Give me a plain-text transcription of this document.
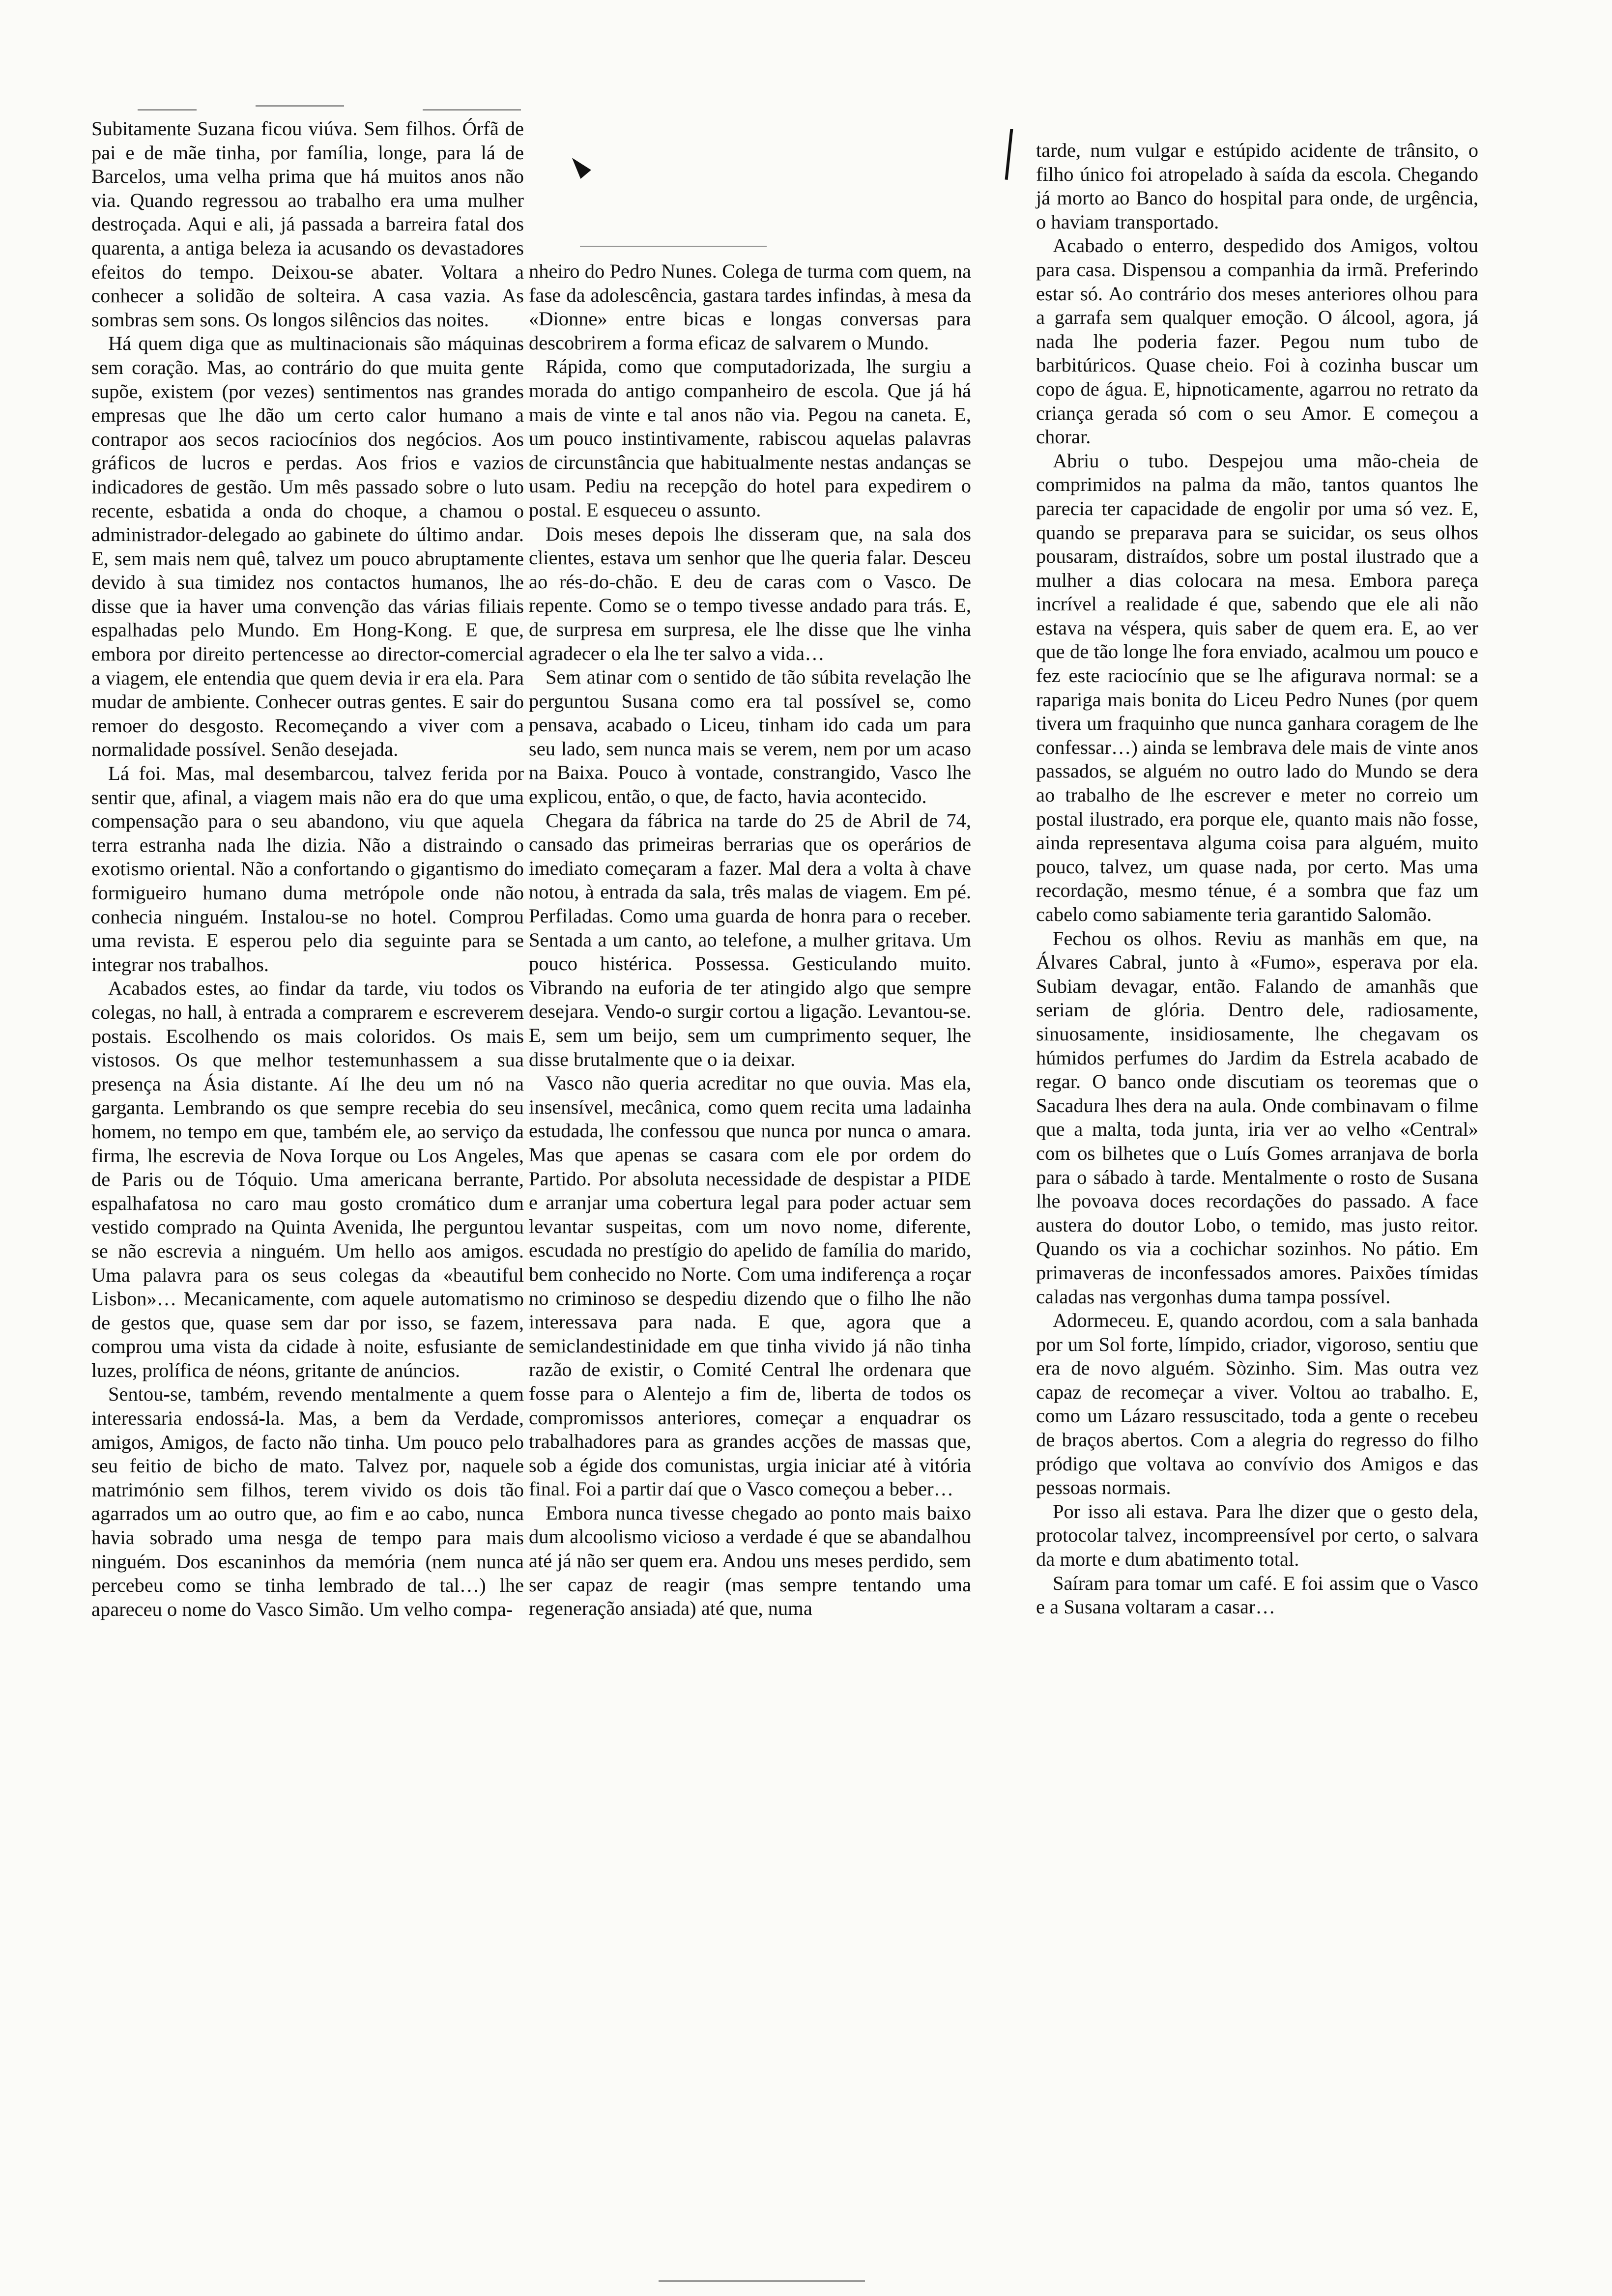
Subitamente Suzana ficou viúva. Sem filhos. Órfã de pai e de mãe tinha, por família, longe, para lá de Barcelos, uma velha prima que há muitos anos não via. Quando regressou ao trabalho era uma mulher destroçada. Aqui e ali, já passada a barreira fatal dos quarenta, a antiga beleza ia acusando os devastadores efeitos do tempo. Deixou-se abater. Voltara a conhecer a solidão de solteira. A casa vazia. As sombras sem sons. Os longos silêncios das noites.

Há quem diga que as multinacionais são máquinas sem coração. Mas, ao contrário do que muita gente supõe, existem (por vezes) sentimentos nas grandes empresas que lhe dão um certo calor humano a contrapor aos secos raciocínios dos negócios. Aos gráficos de lucros e perdas. Aos frios e vazios indicadores de gestão. Um mês passado sobre o luto recente, esbatida a onda do choque, a chamou o administrador-delegado ao gabinete do último andar. E, sem mais nem quê, talvez um pouco abruptamente devido à sua timidez nos contactos humanos, lhe disse que ia haver uma convenção das várias filiais espalhadas pelo Mundo. Em Hong-Kong. E que, embora por direito pertencesse ao director-comercial a viagem, ele entendia que quem devia ir era ela. Para mudar de ambiente. Conhecer outras gentes. E sair do remoer do desgosto. Recomeçando a viver com a normalidade possível. Senão desejada.

Lá foi. Mas, mal desembarcou, talvez ferida por sentir que, afinal, a viagem mais não era do que uma compensação para o seu abandono, viu que aquela terra estranha nada lhe dizia. Não a distraindo o exotismo oriental. Não a confortando o gigantismo do formigueiro humano duma metrópole onde não conhecia ninguém. Instalou-se no hotel. Comprou uma revista. E esperou pelo dia seguinte para se integrar nos trabalhos.

Acabados estes, ao findar da tarde, viu todos os colegas, no hall, à entrada a comprarem e escreverem postais. Escolhendo os mais coloridos. Os mais vistosos. Os que melhor testemunhassem a sua presença na Ásia distante. Aí lhe deu um nó na garganta. Lembrando os que sempre recebia do seu homem, no tempo em que, também ele, ao serviço da firma, lhe escrevia de Nova Iorque ou Los Angeles, de Paris ou de Tóquio. Uma americana berrante, espalhafatosa no caro mau gosto cromático dum vestido comprado na Quinta Avenida, lhe perguntou se não escrevia a ninguém. Um hello aos amigos. Uma palavra para os seus colegas da «beautiful Lisbon»… Mecanicamente, com aquele automatismo de gestos que, quase sem dar por isso, se fazem, comprou uma vista da cidade à noite, esfusiante de luzes, prolífica de néons, gritante de anúncios.

Sentou-se, também, revendo mentalmente a quem interessaria endossá-la. Mas, a bem da Verdade, amigos, Amigos, de facto não tinha. Um pouco pelo seu feitio de bicho de mato. Talvez por, naquele matrimónio sem filhos, terem vivido os dois tão agarrados um ao outro que, ao fim e ao cabo, nunca havia sobrado uma nesga de tempo para mais ninguém. Dos escaninhos da memória (nem nunca percebeu como se tinha lembrado de tal…) lhe apareceu o nome do Vasco Simão. Um velho compa-

nheiro do Pedro Nunes. Colega de turma com quem, na fase da adolescência, gastara tardes infindas, à mesa da «Dionne» entre bicas e longas conversas para descobrirem a forma eficaz de salvarem o Mundo.

Rápida, como que computadorizada, lhe surgiu a morada do antigo companheiro de escola. Que já há mais de vinte e tal anos não via. Pegou na caneta. E, um pouco instintivamente, rabiscou aquelas palavras de circunstância que habitualmente nestas andanças se usam. Pediu na recepção do hotel para expedirem o postal. E esqueceu o assunto.

Dois meses depois lhe disseram que, na sala dos clientes, estava um senhor que lhe queria falar. Desceu ao rés-do-chão. E deu de caras com o Vasco. De repente. Como se o tempo tivesse andado para trás. E, de surpresa em surpresa, ele lhe disse que lhe vinha agradecer o ela lhe ter salvo a vida…

Sem atinar com o sentido de tão súbita revelação lhe perguntou Susana como era tal possível se, como pensava, acabado o Liceu, tinham ido cada um para seu lado, sem nunca mais se verem, nem por um acaso na Baixa. Pouco à vontade, constrangido, Vasco lhe explicou, então, o que, de facto, havia acontecido.

Chegara da fábrica na tarde do 25 de Abril de 74, cansado das primeiras berrarias que os operários de imediato começaram a fazer. Mal dera a volta à chave notou, à entrada da sala, três malas de viagem. Em pé. Perfiladas. Como uma guarda de honra para o receber. Sentada a um canto, ao telefone, a mulher gritava. Um pouco histérica. Possessa. Gesticulando muito. Vibrando na euforia de ter atingido algo que sempre desejara. Vendo-o surgir cortou a ligação. Levantou-se. E, sem um beijo, sem um cumprimento sequer, lhe disse brutalmente que o ia deixar.

Vasco não queria acreditar no que ouvia. Mas ela, insensível, mecânica, como quem recita uma ladainha estudada, lhe confessou que nunca por nunca o amara. Mas que apenas se casara com ele por ordem do Partido. Por absoluta necessidade de despistar a PIDE e arranjar uma cobertura legal para poder actuar sem levantar suspeitas, com um novo nome, diferente, escudada no prestígio do apelido de família do marido, bem conhecido no Norte. Com uma indiferença a roçar no criminoso se despediu dizendo que o filho lhe não interessava para nada. E que, agora que a semiclandestinidade em que tinha vivido já não tinha razão de existir, o Comité Central lhe ordenara que fosse para o Alentejo a fim de, liberta de todos os compromissos anteriores, começar a enquadrar os trabalhadores para as grandes acções de massas que, sob a égide dos comunistas, urgia iniciar até à vitória final. Foi a partir daí que o Vasco começou a beber…

Embora nunca tivesse chegado ao ponto mais baixo dum alcoolismo vicioso a verdade é que se abandalhou até já não ser quem era. Andou uns meses perdido, sem ser capaz de reagir (mas sempre tentando uma regeneração ansiada) até que, numa

tarde, num vulgar e estúpido acidente de trânsito, o filho único foi atropelado à saída da escola. Chegando já morto ao Banco do hospital para onde, de urgência, o haviam transportado.

Acabado o enterro, despedido dos Amigos, voltou para casa. Dispensou a companhia da irmã. Preferindo estar só. Ao contrário dos meses anteriores olhou para a garrafa sem qualquer emoção. O álcool, agora, já nada lhe poderia fazer. Pegou num tubo de barbitúricos. Quase cheio. Foi à cozinha buscar um copo de água. E, hipnoticamente, agarrou no retrato da criança gerada só com o seu Amor. E começou a chorar.

Abriu o tubo. Despejou uma mão-cheia de comprimidos na palma da mão, tantos quantos lhe parecia ter capacidade de engolir por uma só vez. E, quando se preparava para se suicidar, os seus olhos pousaram, distraídos, sobre um postal ilustrado que a mulher a dias colocara na mesa. Embora pareça incrível a realidade é que, sabendo que ele ali não estava na véspera, quis saber de quem era. E, ao ver que de tão longe lhe fora enviado, acalmou um pouco e fez este raciocínio que se lhe afigurava normal: se a rapariga mais bonita do Liceu Pedro Nunes (por quem tivera um fraquinho que nunca ganhara coragem de lhe confessar…) ainda se lembrava dele mais de vinte anos passados, se alguém no outro lado do Mundo se dera ao trabalho de lhe escrever e meter no correio um postal ilustrado, era porque ele, quanto mais não fosse, ainda representava alguma coisa para alguém, muito pouco, talvez, um quase nada, por certo. Mas uma recordação, mesmo ténue, é a sombra que faz um cabelo como sabiamente teria garantido Salomão.

Fechou os olhos. Reviu as manhãs em que, na Álvares Cabral, junto à «Fumo», esperava por ela. Subiam devagar, então. Falando de amanhãs que seriam de glória. Dentro dele, radiosamente, sinuosamente, insidiosamente, lhe chegavam os húmidos perfumes do Jardim da Estrela acabado de regar. O banco onde discutiam os teoremas que o Sacadura lhes dera na aula. Onde combinavam o filme que a malta, toda junta, iria ver ao velho «Central» com os bilhetes que o Luís Gomes arranjava de borla para o sábado à tarde. Mentalmente o rosto de Susana lhe povoava doces recordações do passado. A face austera do doutor Lobo, o temido, mas justo reitor. Quando os via a cochichar sozinhos. No pátio. Em primaveras de inconfessados amores. Paixões tímidas caladas nas vergonhas duma tampa possível.

Adormeceu. E, quando acordou, com a sala banhada por um Sol forte, límpido, criador, vigoroso, sentiu que era de novo alguém. Sòzinho. Sim. Mas outra vez capaz de recomeçar a viver. Voltou ao trabalho. E, como um Lázaro ressuscitado, toda a gente o recebeu de braços abertos. Com a alegria do regresso do filho pródigo que voltava ao convívio dos Amigos e das pessoas normais.

Por isso ali estava. Para lhe dizer que o gesto dela, protocolar talvez, incompreensível por certo, o salvara da morte e dum abatimento total.

Saíram para tomar um café. E foi assim que o Vasco e a Susana voltaram a casar…
